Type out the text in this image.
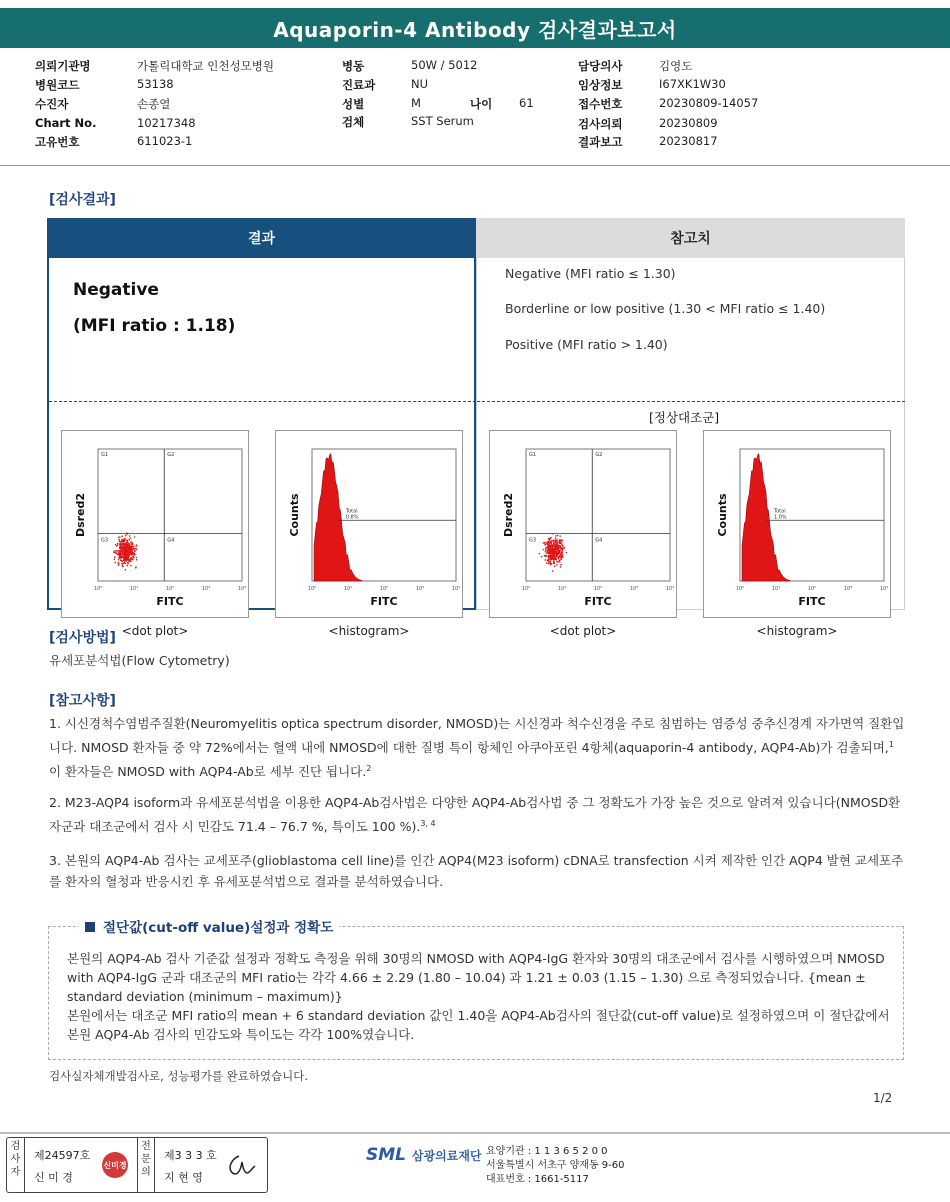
Aquaporin-4 Antibody 검사결과보고서
의뢰기관명	가톨릭대학교 인천성모병원
병원코드	53138
수진자	손종열
Chart No.	10217348
고유번호	611023-1
병동	50W / 5012
진료과	NU
성별	M	나이 61
검체	SST Serum
담당의사	김영도
임상정보	I67XK1W30
접수번호	20230809-14057
검사의뢰	20230809
결과보고	20230817
[검사결과]
결과	참고치
Negative
(MFI ratio : 1.18)
10⁰	10¹	10²	10³	10⁴
FITC
Dsred2
G1	G2
G3	G4
<dot plot>
10⁰	10¹	10²	10³	10⁴
FITC
Counts	Total
0.8%
<histogram>
Negative (MFI ratio ≤ 1.30)
Borderline or low positive (1.30 < MFI ratio ≤ 1.40)
Positive (MFI ratio > 1.40)
[정상대조군]
10⁰	10¹	10²	10³	10⁴
FITC
Dsred2
G1	G2
G3	G4
<dot plot>
10⁰	10¹	10²	10³	10⁴
FITC
Counts	Total
1.0%
<histogram>
[검사방법]
유세포분석법(Flow Cytometry)
[참고사항]
1. 시신경척수염범주질환(Neuromyelitis optica spectrum disorder, NMOSD)는 시신경과 척수신경을 주로 침범하는 염증성 중추신경계 자가면역 질환입니다. NMOSD 환자들 중 약 72%에서는 혈액 내에 NMOSD에 대한 질병 특이 항체인 아쿠아포린 4항체(aquaporin-4 antibody, AQP4-Ab)가 검출되며,$^1$ 이 환자들은 NMOSD with AQP4-Ab로 세부 진단 됩니다.$^2$
2. M23-AQP4 isoform과 유세포분석법을 이용한 AQP4-Ab검사법은 다양한 AQP4-Ab검사법 중 그 정확도가 가장 높은 것으로 알려져 있습니다(NMOSD환자군과 대조군에서 검사 시 민감도 71.4 – 76.7 %, 특이도 100 %).$^{3, 4}$
3. 본원의 AQP4-Ab 검사는 교세포주(glioblastoma cell line)를 인간 AQP4(M23 isoform) cDNA로 transfection 시켜 제작한 인간 AQP4 발현 교세포주를 환자의 혈청과 반응시킨 후 유세포분석법으로 결과를 분석하였습니다.
절단값(cut-off value)설정과 정확도
본원의 AQP4-Ab 검사 기준값 설정과 정확도 측정을 위해 30명의 NMOSD with AQP4-IgG 환자와 30명의 대조군에서 검사를 시행하였으며 NMOSD with AQP4-IgG 군과 대조군의 MFI ratio는 각각 4.66 ± 2.29 (1.80 – 10.04) 과 1.21 ± 0.03 (1.15 – 1.30) 으로 측정되었습니다. {mean ± standard deviation (minimum – maximum)}
본원에서는 대조군 MFI ratio의 mean + 6 standard deviation 값인 1.40을 AQP4-Ab검사의 절단값(cut-off value)로 설정하였으며 이 절단값에서 본원 AQP4-Ab 검사의 민감도와 특이도는 각각 100%였습니다.
검사실자체개발검사로, 성능평가를 완료하였습니다.
1/2
검사자
제24597호
신 미 경
신미경
전문의
제3 3 3 호
지 현 영
SML 삼광의료재단 요양기관 : 1 1 3 6 5 2 0 0
서울특별시 서초구 양재동 9-60
대표번호 : 1661-5117
